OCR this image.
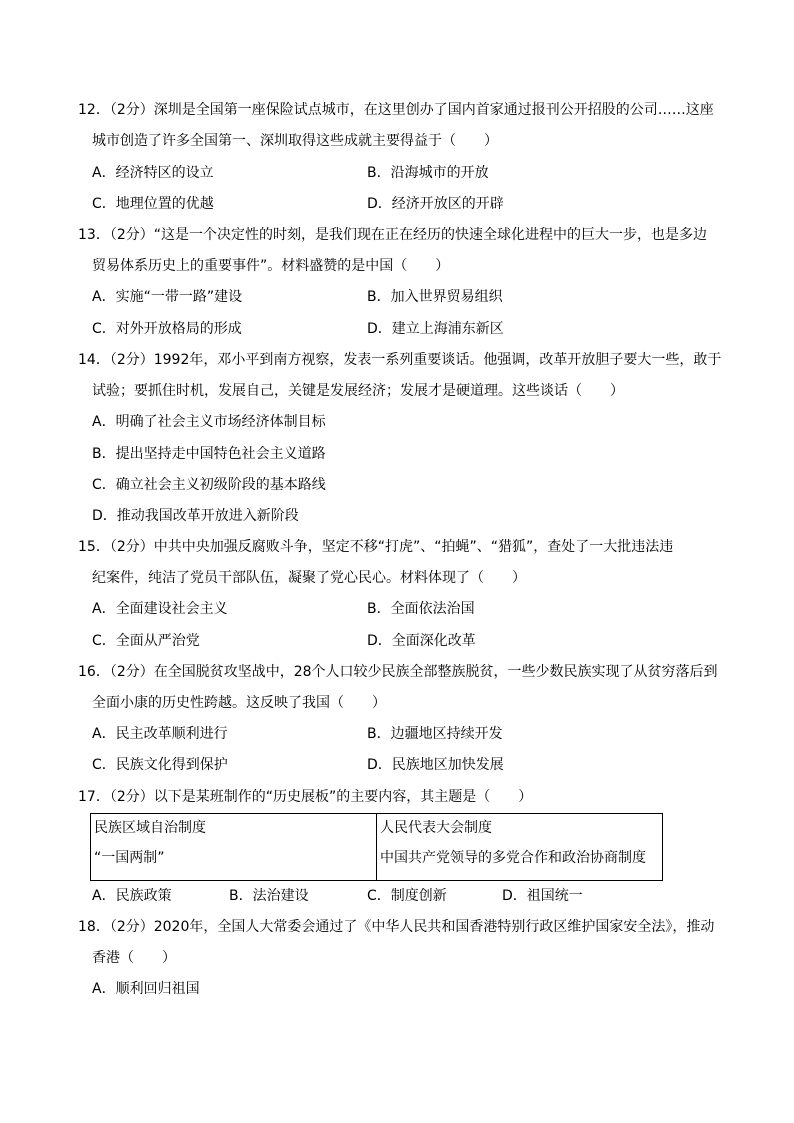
12．（2分）深圳是全国第一座保险试点城市，在这里创办了国内首家通过报刊公开招股的公司……这座
城市创造了许多全国第一、深圳取得这些成就主要得益于（　　）
A．经济特区的设立	B．沿海城市的开放
C．地理位置的优越	D．经济开放区的开辟
13．（2分）“这是一个决定性的时刻，是我们现在正在经历的快速全球化进程中的巨大一步，也是多边
贸易体系历史上的重要事件”。材料盛赞的是中国（　　）
A．实施“一带一路”建设	B．加入世界贸易组织
C．对外开放格局的形成	D．建立上海浦东新区
14．（2分）1992年，邓小平到南方视察，发表一系列重要谈话。他强调，改革开放胆子要大一些，敢于
试验；要抓住时机，发展自己，关键是发展经济；发展才是硬道理。这些谈话（　　）
A．明确了社会主义市场经济体制目标
B．提出坚持走中国特色社会主义道路
C．确立社会主义初级阶段的基本路线
D．推动我国改革开放进入新阶段
15．（2分）中共中央加强反腐败斗争，坚定不移“打虎”、“拍蝇”、“猎狐”，查处了一大批违法违
纪案件，纯洁了党员干部队伍，凝聚了党心民心。材料体现了（　　）
A．全面建设社会主义	B．全面依法治国
C．全面从严治党	D．全面深化改革
16．（2分）在全国脱贫攻坚战中，28个人口较少民族全部整族脱贫，一些少数民族实现了从贫穷落后到
全面小康的历史性跨越。这反映了我国（　　）
A．民主改革顺利进行	B．边疆地区持续开发
C．民族文化得到保护	D．民族地区加快发展
17．（2分）以下是某班制作的“历史展板”的主要内容，其主题是（　　）
民族区域自治制度
“一国两制”

人民代表大会制度
中国共产党领导的多党合作和政治协商制度
A．民族政策	B．法治建设	C．制度创新	D．祖国统一
18．（2分）2020年，全国人大常委会通过了《中华人民共和国香港特别行政区维护国家安全法》，推动
香港（　　）
A．顺利回归祖国
